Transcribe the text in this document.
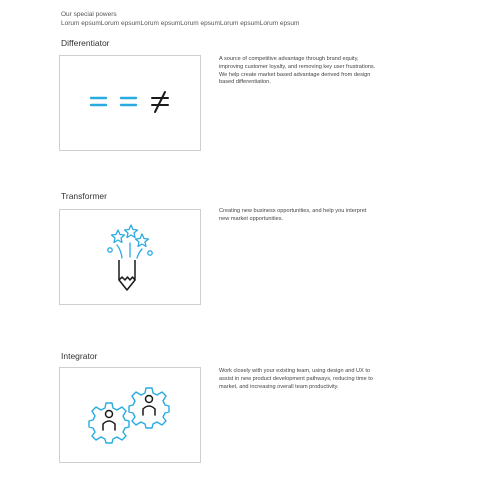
Our special powers
Lorum epsumLorum epsumLorum epsumLorum epsumLorum epsumLorum epsum
Differentiator
A source of competitive advantage through brand equity,
improving customer loyalty, and removing key user frustrations.
We help create market based advantage derived from design
based differentiation.
Transformer
Creating new business opportunities, and help you interpret
new market opportunities.
Integrator
Work closely with your existing team, using design and UX to
assist in new product development pathways, reducing time to
market, and increasing overall team productivity.
